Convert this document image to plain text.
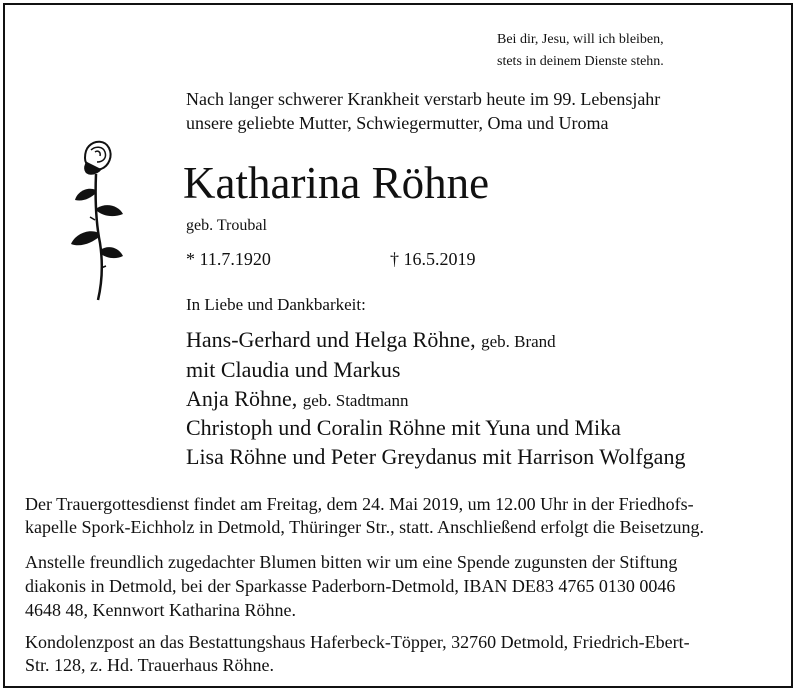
Bei dir, Jesu, will ich bleiben,
stets in deinem Dienste stehn.
Nach langer schwerer Krankheit verstarb heute im 99. Lebensjahr
unsere geliebte Mutter, Schwiegermutter, Oma und Uroma
Katharina Röhne
geb. Troubal
* 11.7.1920	† 16.5.2019
In Liebe und Dankbarkeit:
Hans-Gerhard und Helga Röhne, geb. Brand
mit Claudia und Markus
Anja Röhne, geb. Stadtmann
Christoph und Coralin Röhne mit Yuna und Mika
Lisa Röhne und Peter Greydanus mit Harrison Wolfgang
Der Trauergottesdienst findet am Freitag, dem 24. Mai 2019, um 12.00 Uhr in der Friedhofs-
kapelle Spork-Eichholz in Detmold, Thüringer Str., statt. Anschließend erfolgt die Beisetzung.
Anstelle freundlich zugedachter Blumen bitten wir um eine Spende zugunsten der Stiftung
diakonis in Detmold, bei der Sparkasse Paderborn-Detmold, IBAN DE83 4765 0130 0046
4648 48, Kennwort Katharina Röhne.
Kondolenzpost an das Bestattungshaus Haferbeck-Töpper, 32760 Detmold, Friedrich-Ebert-
Str. 128, z. Hd. Trauerhaus Röhne.
